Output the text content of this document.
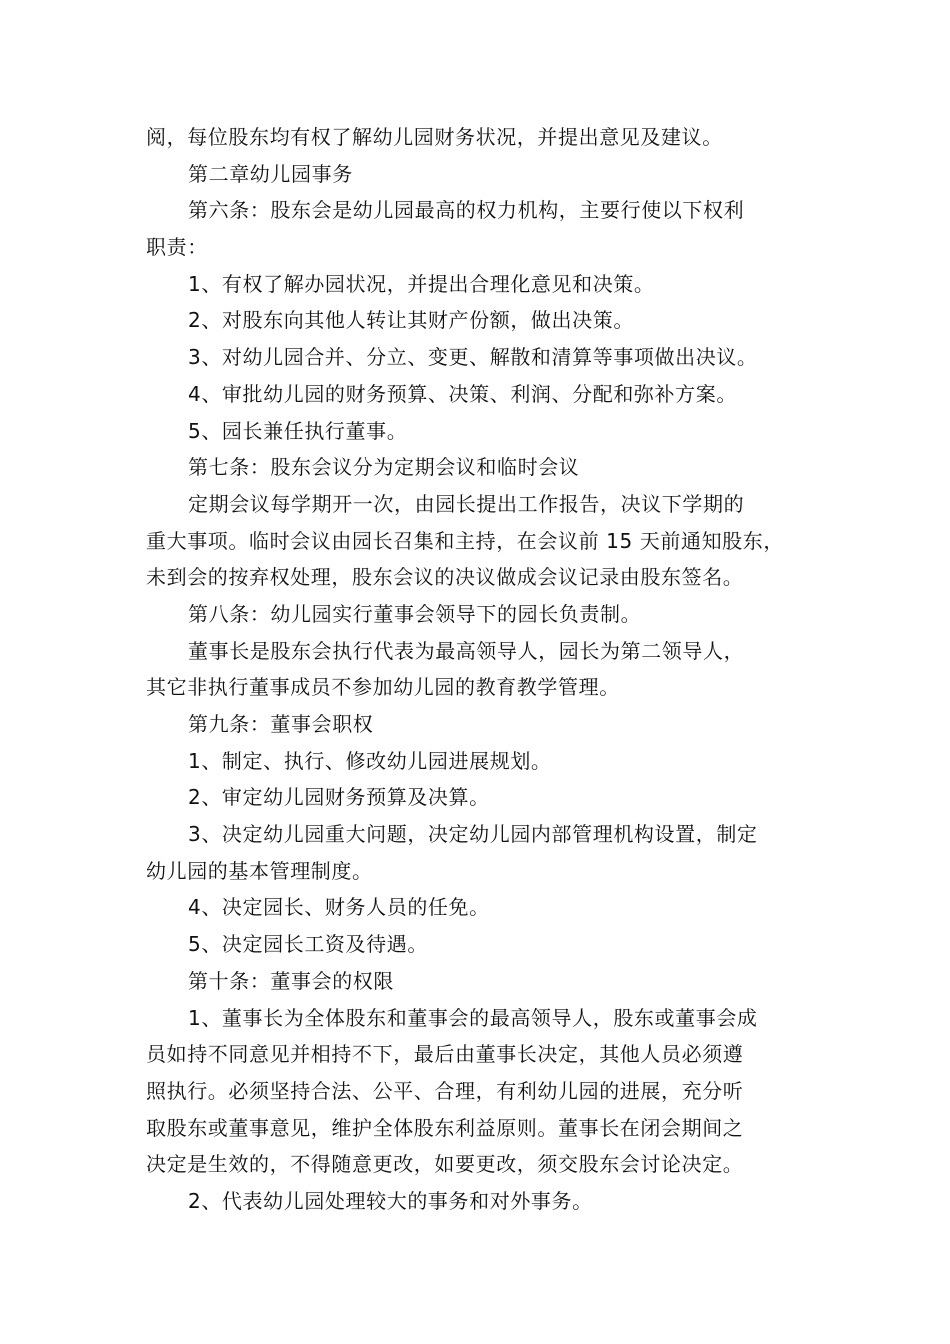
阅，每位股东均有权了解幼儿园财务状况，并提出意见及建议。
第二章幼儿园事务
第六条：股东会是幼儿园最高的权力机构，主要行使以下权利
职责：
1、有权了解办园状况，并提出合理化意见和决策。
2、对股东向其他人转让其财产份额，做出决策。
3、对幼儿园合并、分立、变更、解散和清算等事项做出决议。
4、审批幼儿园的财务预算、决策、利润、分配和弥补方案。
5、园长兼任执行董事。
第七条：股东会议分为定期会议和临时会议
定期会议每学期开一次，由园长提出工作报告，决议下学期的
重大事项。临时会议由园长召集和主持，在会议前 15 天前通知股东，
未到会的按弃权处理，股东会议的决议做成会议记录由股东签名。
第八条：幼儿园实行董事会领导下的园长负责制。
董事长是股东会执行代表为最高领导人，园长为第二领导人，
其它非执行董事成员不参加幼儿园的教育教学管理。
第九条：董事会职权
1、制定、执行、修改幼儿园进展规划。
2、审定幼儿园财务预算及决算。
3、决定幼儿园重大问题，决定幼儿园内部管理机构设置，制定
幼儿园的基本管理制度。
4、决定园长、财务人员的任免。
5、决定园长工资及待遇。
第十条：董事会的权限
1、董事长为全体股东和董事会的最高领导人，股东或董事会成
员如持不同意见并相持不下，最后由董事长决定，其他人员必须遵
照执行。必须坚持合法、公平、合理，有利幼儿园的进展，充分听
取股东或董事意见，维护全体股东利益原则。董事长在闭会期间之
决定是生效的，不得随意更改，如要更改，须交股东会讨论决定。
2、代表幼儿园处理较大的事务和对外事务。
